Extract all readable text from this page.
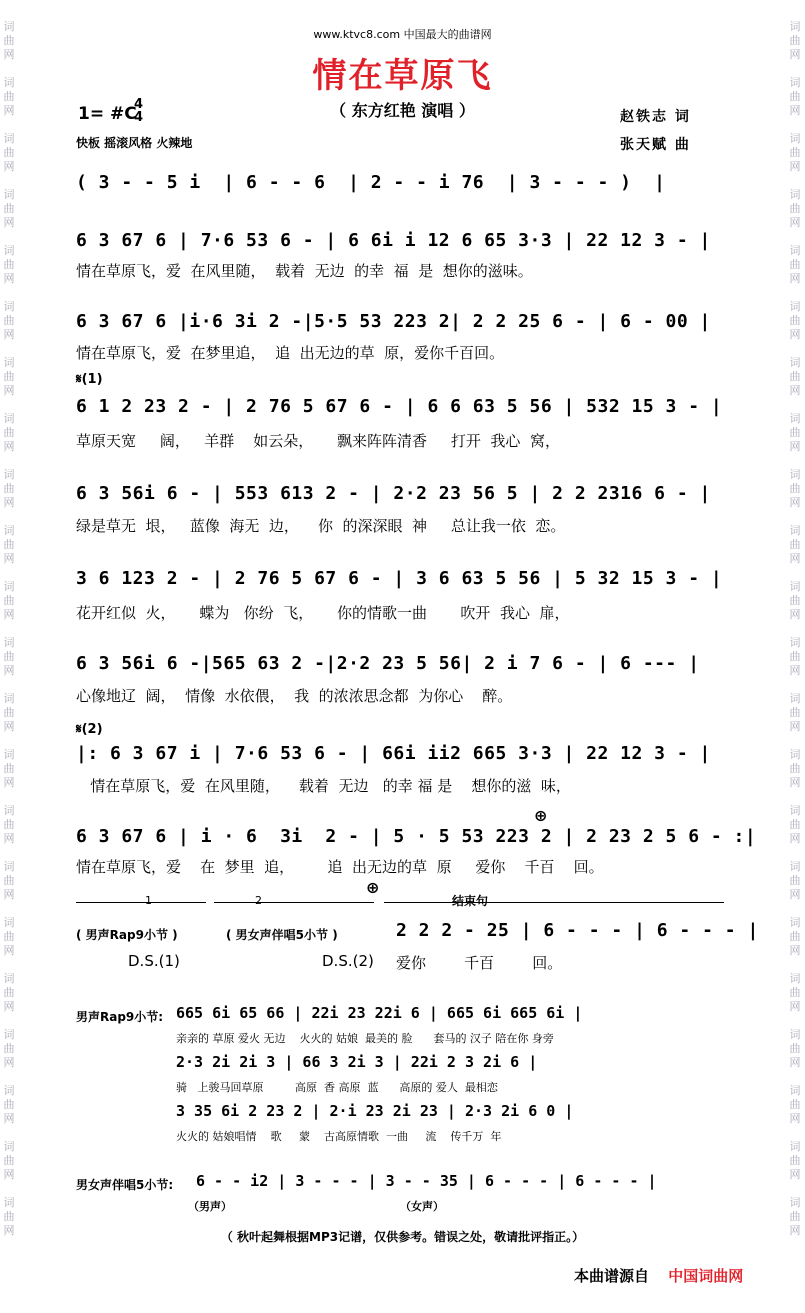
词曲网

词曲网

词曲网

词曲网

词曲网

词曲网

词曲网

词曲网

词曲网

词曲网

词曲网

词曲网

词曲网

词曲网

词曲网

词曲网

词曲网

词曲网

词曲网

词曲网

词曲网

词曲网
词曲网

词曲网

词曲网

词曲网

词曲网

词曲网

词曲网

词曲网

词曲网

词曲网

词曲网

词曲网

词曲网

词曲网

词曲网

词曲网

词曲网

词曲网

词曲网

词曲网

词曲网

词曲网
www.ktvc8.com 中国最大的曲谱网
情在草原飞
（ 东方红艳 演唱 ）
1= #C
4
4
快板 摇滚风格 火辣地
赵铁志 词
张天赋 曲
( 3 - - 5 i  | 6 - - 6  | 2 - - i 76  | 3 - - - )  |
6 3 67 6 | 7·6 53 6 - | 6 6i i 12 6 65 3·3 | 22 12 3 - |
情在草原飞，爱  在风里随，  载着  无边  的幸  福  是  想你的滋味。
6 3 67 6 |i·6 3i 2 -|5·5 53 223 2| 2 2 25 6 - | 6 - 00 |
情在草原飞，爱  在梦里追，  追  出无边的草  原，爱你千百回。
𝄋(1)
6 1 2 23 2 - | 2 76 5 67 6 - | 6 6 63 5 56 | 532 15 3 - |
草原天宽     阔，   羊群    如云朵，     飘来阵阵清香     打开  我心  窝，
6 3 56i 6 - | 553 613 2 - | 2·2 23 56 5 | 2 2 2316 6 - |
绿是草无  垠，   蓝像  海无  边，    你  的深深眼  神     总让我一依  恋。
3 6 123 2 - | 2 76 5 67 6 - | 3 6 63 5 56 | 5 32 15 3 - |
花开红似  火，     蝶为   你纷  飞，     你的情歌一曲       吹开  我心  扉，
6 3 56i 6 -|565 63 2 -|2·2 23 5 56| 2 i 7 6 - | 6 --- |
心像地辽  阔，  情像  水依偎，  我  的浓浓思念都  为你心    醉。
𝄋(2)
|: 6 3 67 i | 7·6 53 6 - | 66i ii2 665 3·3 | 22 12 3 - |
情在草原飞，爱  在风里随，    载着  无边   的幸 福 是    想你的滋  味，
6 3 67 6 | i · 6  3i  2 - | 5 · 5 53 223 2 | 2 23 2 5 6 - :|
情在草原飞，爱    在  梦里  追，       追  出无边的草  原     爱你    千百    回。
⊕
1	2
⊕
结束句
( 男声Rap9小节 )	( 男女声伴唱5小节 )	2 2 2 - 25 | 6 - - - | 6 - - - |
D.S.(1)	D.S.(2) 爱你        千百        回。
男声Rap9小节: 665 6i 65 66 | 22i 23 22i 6 | 665 6i 665 6i |
亲亲的 草原 爱火 无边    火火的 姑娘  最美的 脸      套马的 汉子 陪在你 身旁
2·3 2i 2i 3 | 66 3 2i 3 | 22i 2 3 2i 6 |
骑   上骏马回草原         高原  香 高原  蓝      高原的 爱人  最相恋
3 35 6i 2 23 2 | 2·i 23 2i 23 | 2·3 2i 6 0 |
火火的 姑娘唱情    歌     蒙    古高原情歌  一曲     流    传千万  年
男女声伴唱5小节: 6 - - i2 | 3 - - - | 3 - - 35 | 6 - - - | 6 - - - |
（男声）	（女声）
（ 秋叶起舞根据MP3记谱，仅供参考。错误之处，敬请批评指正。）
本曲谱源自 中国词曲网
